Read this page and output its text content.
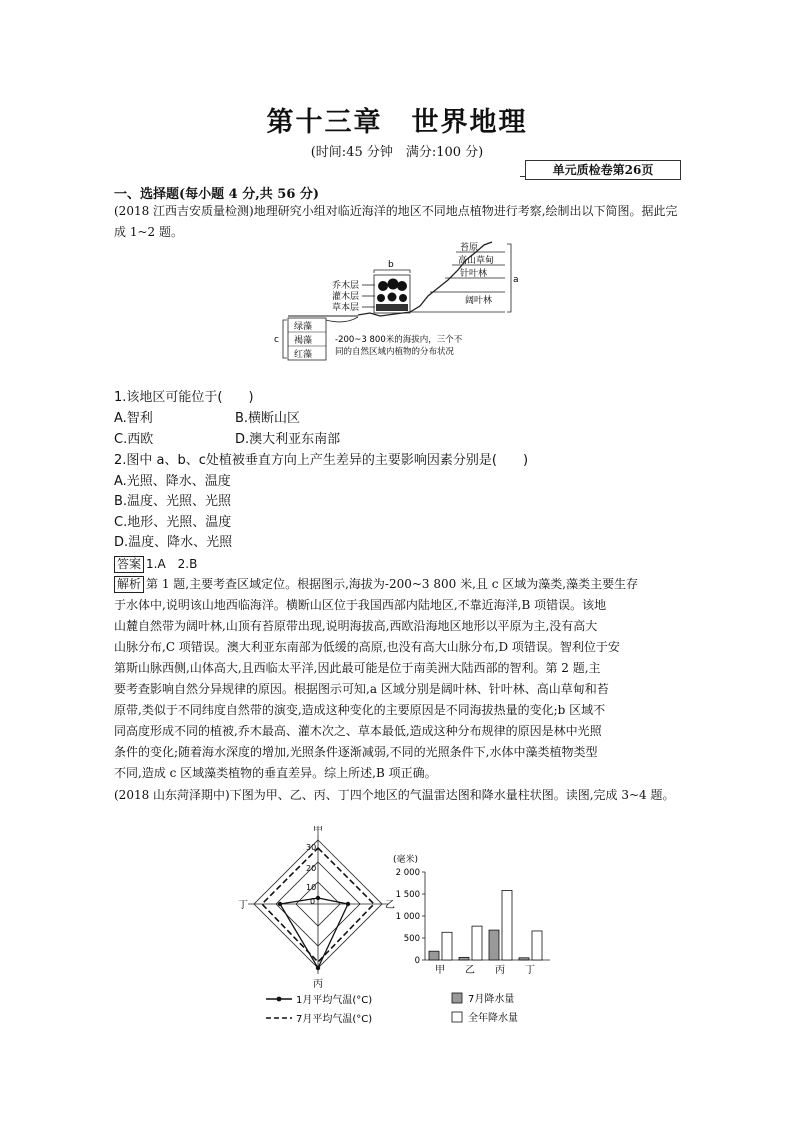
第十三章　世界地理
(时间:45 分钟　满分:100 分)
单元质检卷第26页
一、选择题(每小题 4 分,共 56 分)
(2018 江西吉安质量检测)地理研究小组对临近海洋的地区不同地点植物进行考察,绘制出以下简图。据此完成 1~2 题。
苔原
高山草甸
针叶林
阔叶林
a
b
乔木层
灌木层
草本层
绿藻
褐藻
红藻
c	-200~3 800米的海拔内，三个不
同的自然区域内植物的分布状况
1.该地区可能位于(　　)
A.智利	B.横断山区
C.西欧	D.澳大利亚东南部
2.图中 a、b、c处植被垂直方向上产生差异的主要影响因素分别是(　　)
A.光照、降水、温度
B.温度、光照、光照
C.地形、光照、温度
D.温度、降水、光照
答案 1.A　2.B
解析 第 1 题,主要考查区域定位。根据图示,海拔为-200~3 800 米,且 c 区域为藻类,藻类主要生存
于水体中,说明该山地西临海洋。横断山区位于我国西部内陆地区,不靠近海洋,B 项错误。该地
山麓自然带为阔叶林,山顶有苔原带出现,说明海拔高,西欧沿海地区地形以平原为主,没有高大
山脉分布,C 项错误。澳大利亚东南部为低缓的高原,也没有高大山脉分布,D 项错误。智利位于安
第斯山脉西侧,山体高大,且西临太平洋,因此最可能是位于南美洲大陆西部的智利。第 2 题,主
要考查影响自然分异规律的原因。根据图示可知,a 区域分别是阔叶林、针叶林、高山草甸和苔
原带,类似于不同纬度自然带的演变,造成这种变化的主要原因是不同海拔热量的变化;b 区域不
同高度形成不同的植被,乔木最高、灌木次之、草本最低,造成这种分布规律的原因是林中光照
条件的变化;随着海水深度的增加,光照条件逐渐减弱,不同的光照条件下,水体中藻类植物类型
不同,造成 c 区域藻类植物的垂直差异。综上所述,B 项正确。
(2018 山东菏泽期中)下图为甲、乙、丙、丁四个地区的气温雷达图和降水量柱状图。读图,完成 3~4 题。
甲
乙
丙
丁
30
20
10
0
(毫米)
0
500
1 000
1 500
2 000
甲 乙 丙 丁
1月平均气温(°C)
7月平均气温(°C)
7月降水量
全年降水量
